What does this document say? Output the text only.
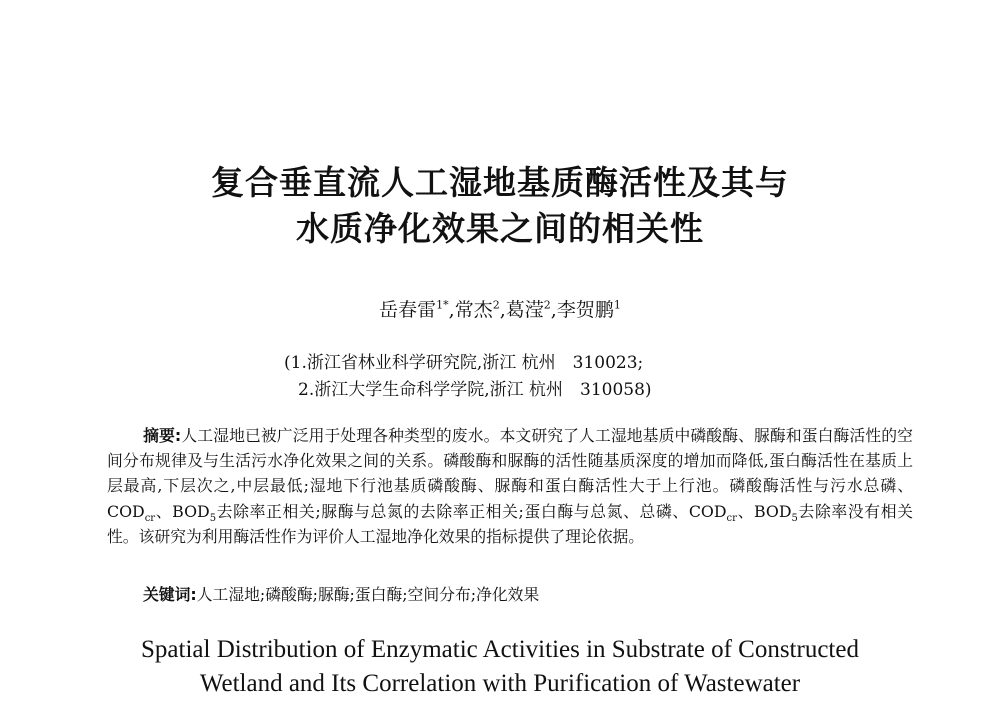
复合垂直流人工湿地基质酶活性及其与
水质净化效果之间的相关性
岳春雷$^{1*}$,常杰$^2$,葛滢$^2$,李贺鹏$^1$
(1.浙江省林业科学研究院,浙江 杭州　310023;
2.浙江大学生命科学学院,浙江 杭州　310058)
摘要:人工湿地已被广泛用于处理各种类型的废水。本文研究了人工湿地基质中磷酸酶、脲酶和蛋白酶活性的空间分布规律及与生活污水净化效果之间的关系。磷酸酶和脲酶的活性随基质深度的增加而降低,蛋白酶活性在基质上层最高,下层次之,中层最低;湿地下行池基质磷酸酶、脲酶和蛋白酶活性大于上行池。磷酸酶活性与污水总磷、$COD_{cr}$、$BOD_5$去除率正相关;脲酶与总氮的去除率正相关;蛋白酶与总氮、总磷、$COD_{cr}$、$BOD_5$去除率没有相关性。该研究为利用酶活性作为评价人工湿地净化效果的指标提供了理论依据。
关键词:人工湿地;磷酸酶;脲酶;蛋白酶;空间分布;净化效果
Spatial Distribution of Enzymatic Activities in Substrate of Constructed
Wetland and Its Correlation with Purification of Wastewater
